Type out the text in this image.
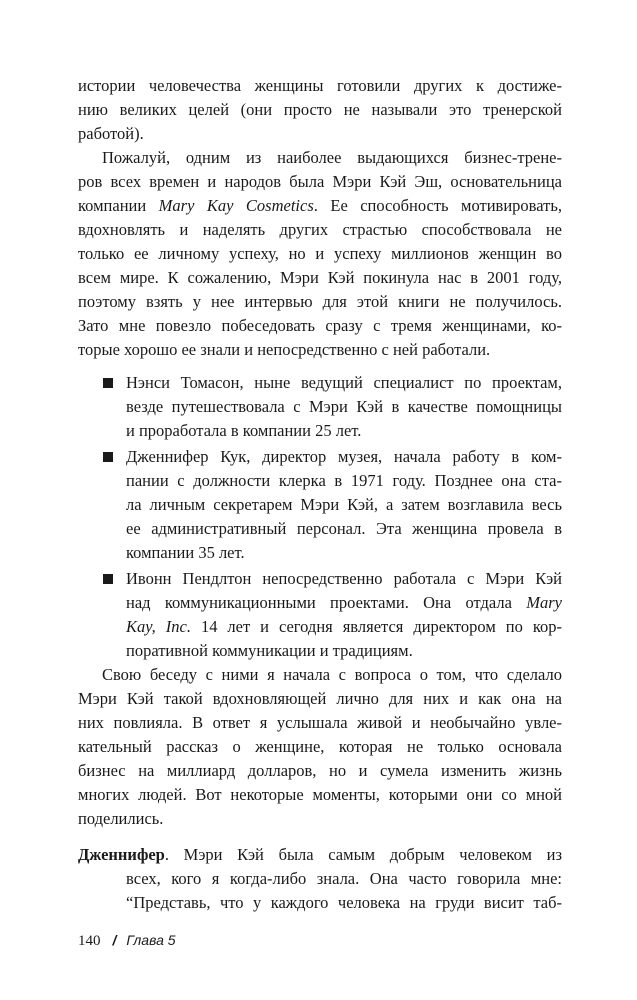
истории человечества женщины готовили других к достиже-
нию великих целей (они просто не называли это тренерской
работой).
Пожалуй, одним из наиболее выдающихся бизнес-трене-
ров всех времен и народов была Мэри Кэй Эш, основательница
компании Mary Kay Cosmetics. Ее способность мотивировать,
вдохновлять и наделять других страстью способствовала не
только ее личному успеху, но и успеху миллионов женщин во
всем мире. К сожалению, Мэри Кэй покинула нас в 2001 году,
поэтому взять у нее интервью для этой книги не получилось.
Зато мне повезло побеседовать сразу с тремя женщинами, ко-
торые хорошо ее знали и непосредственно с ней работали.
Нэнси Томасон, ныне ведущий специалист по проектам,
везде путешествовала с Мэри Кэй в качестве помощницы
и проработала в компании 25 лет.
Дженнифер Кук, директор музея, начала работу в ком-
пании с должности клерка в 1971 году. Позднее она ста-
ла личным секретарем Мэри Кэй, а затем возглавила весь
ее административный персонал. Эта женщина провела в
компании 35 лет.
Ивонн Пендлтон непосредственно работала с Мэри Кэй
над коммуникационными проектами. Она отдала Mary
Kay, Inc. 14 лет и сегодня является директором по кор-
поративной коммуникации и традициям.
Свою беседу с ними я начала с вопроса о том, что сделало
Мэри Кэй такой вдохновляющей лично для них и как она на
них повлияла. В ответ я услышала живой и необычайно увле-
кательный рассказ о женщине, которая не только основала
бизнес на миллиард долларов, но и сумела изменить жизнь
многих людей. Вот некоторые моменты, которыми они со мной
поделились.
Дженнифер. Мэри Кэй была самым добрым человеком из
всех, кого я когда-либо знала. Она часто говорила мне:
“Представь, что у каждого человека на груди висит таб-
140 / Глава 5
